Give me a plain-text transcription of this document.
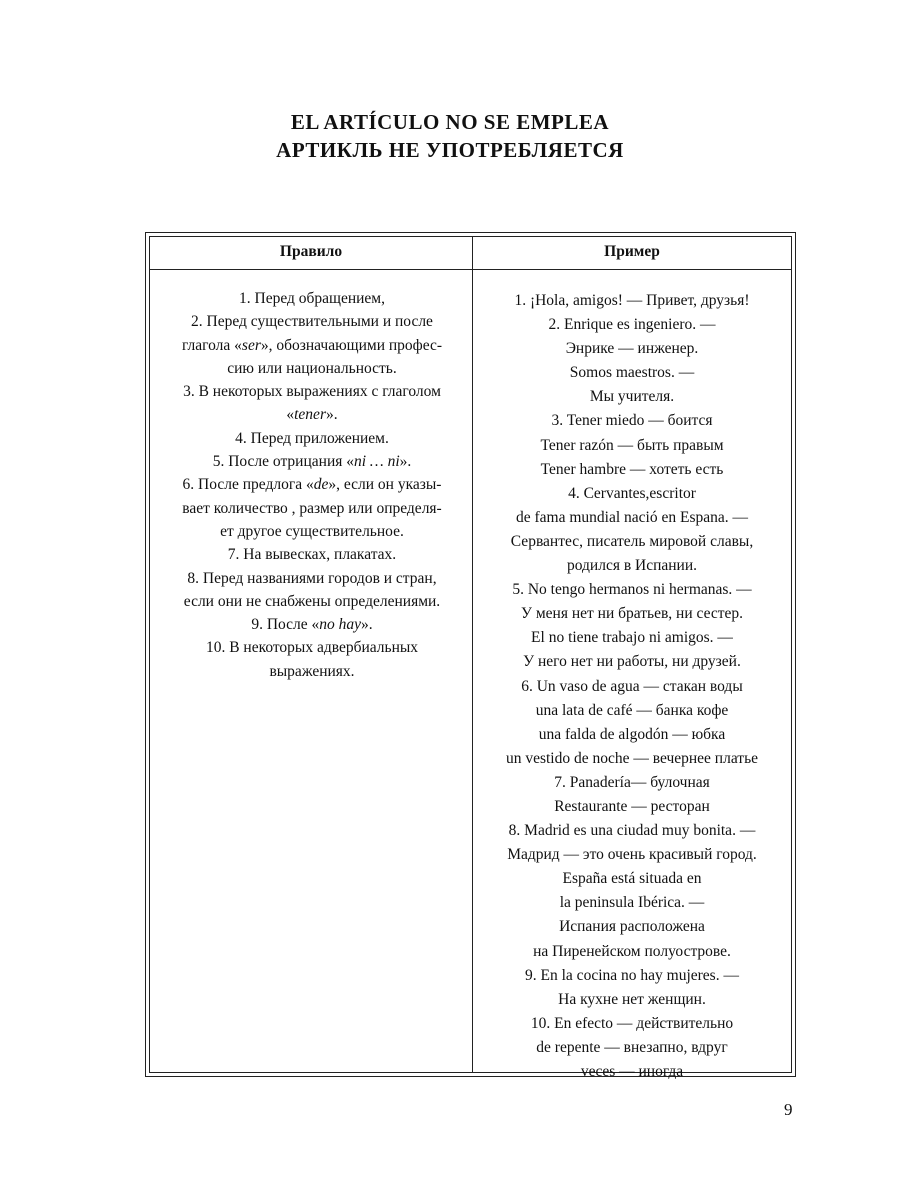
EL ARTÍCULO NO SE EMPLEA
АРТИКЛЬ НЕ УПОТРЕБЛЯЕТСЯ
Правило	Пример
1. Перед обращением,
2. Перед существительными и после
глагола «ser», обозначающими профес-
сию или национальность.
3. В некоторых выражениях с глаголом
«tener».
4. Перед приложением.
5. После отрицания «ni … ni».
6. После предлога «de», если он указы-
вает количество , размер или определя-
ет другое существительное.
7. На вывесках, плакатах.
8. Перед названиями городов и стран,
если они не снабжены определениями.
9. После «no hay».
10. В некоторых адвербиальных
выражениях.
1. ¡Hola, amigos! — Привет, друзья!
2. Enrique es ingeniero. —
Энрике — инженер.
Somos maestros. —
Мы учителя.
3. Tener miedo — боится
Tener razón — быть правым
Tener hambre — хотеть есть
4. Cervantes,escritor
de fama mundial nació en Espana. —
Сервантес, писатель мировой славы,
родился в Испании.
5. No tengo hermanos ni hermanas. —
У меня нет ни братьев, ни сестер.
El no tiene trabajo ni amigos. —
У него нет ни работы, ни друзей.
6. Un vaso de agua — стакан воды
una lata de café — банка кофе
una falda de algodón — юбка
un vestido de noche — вечернее платье
7. Panadería— булочная
Restaurante — ресторан
8. Madrid es una ciudad muy bonita. —
Мадрид — это очень красивый город.
España está situada en
la peninsula Ibérica. —
Испания расположена
на Пиренейском полуострове.
9. En la cocina no hay mujeres. —
На кухне нет женщин.
10. En efecto — действительно
de repente — внезапно, вдруг
veces — иногда
9
